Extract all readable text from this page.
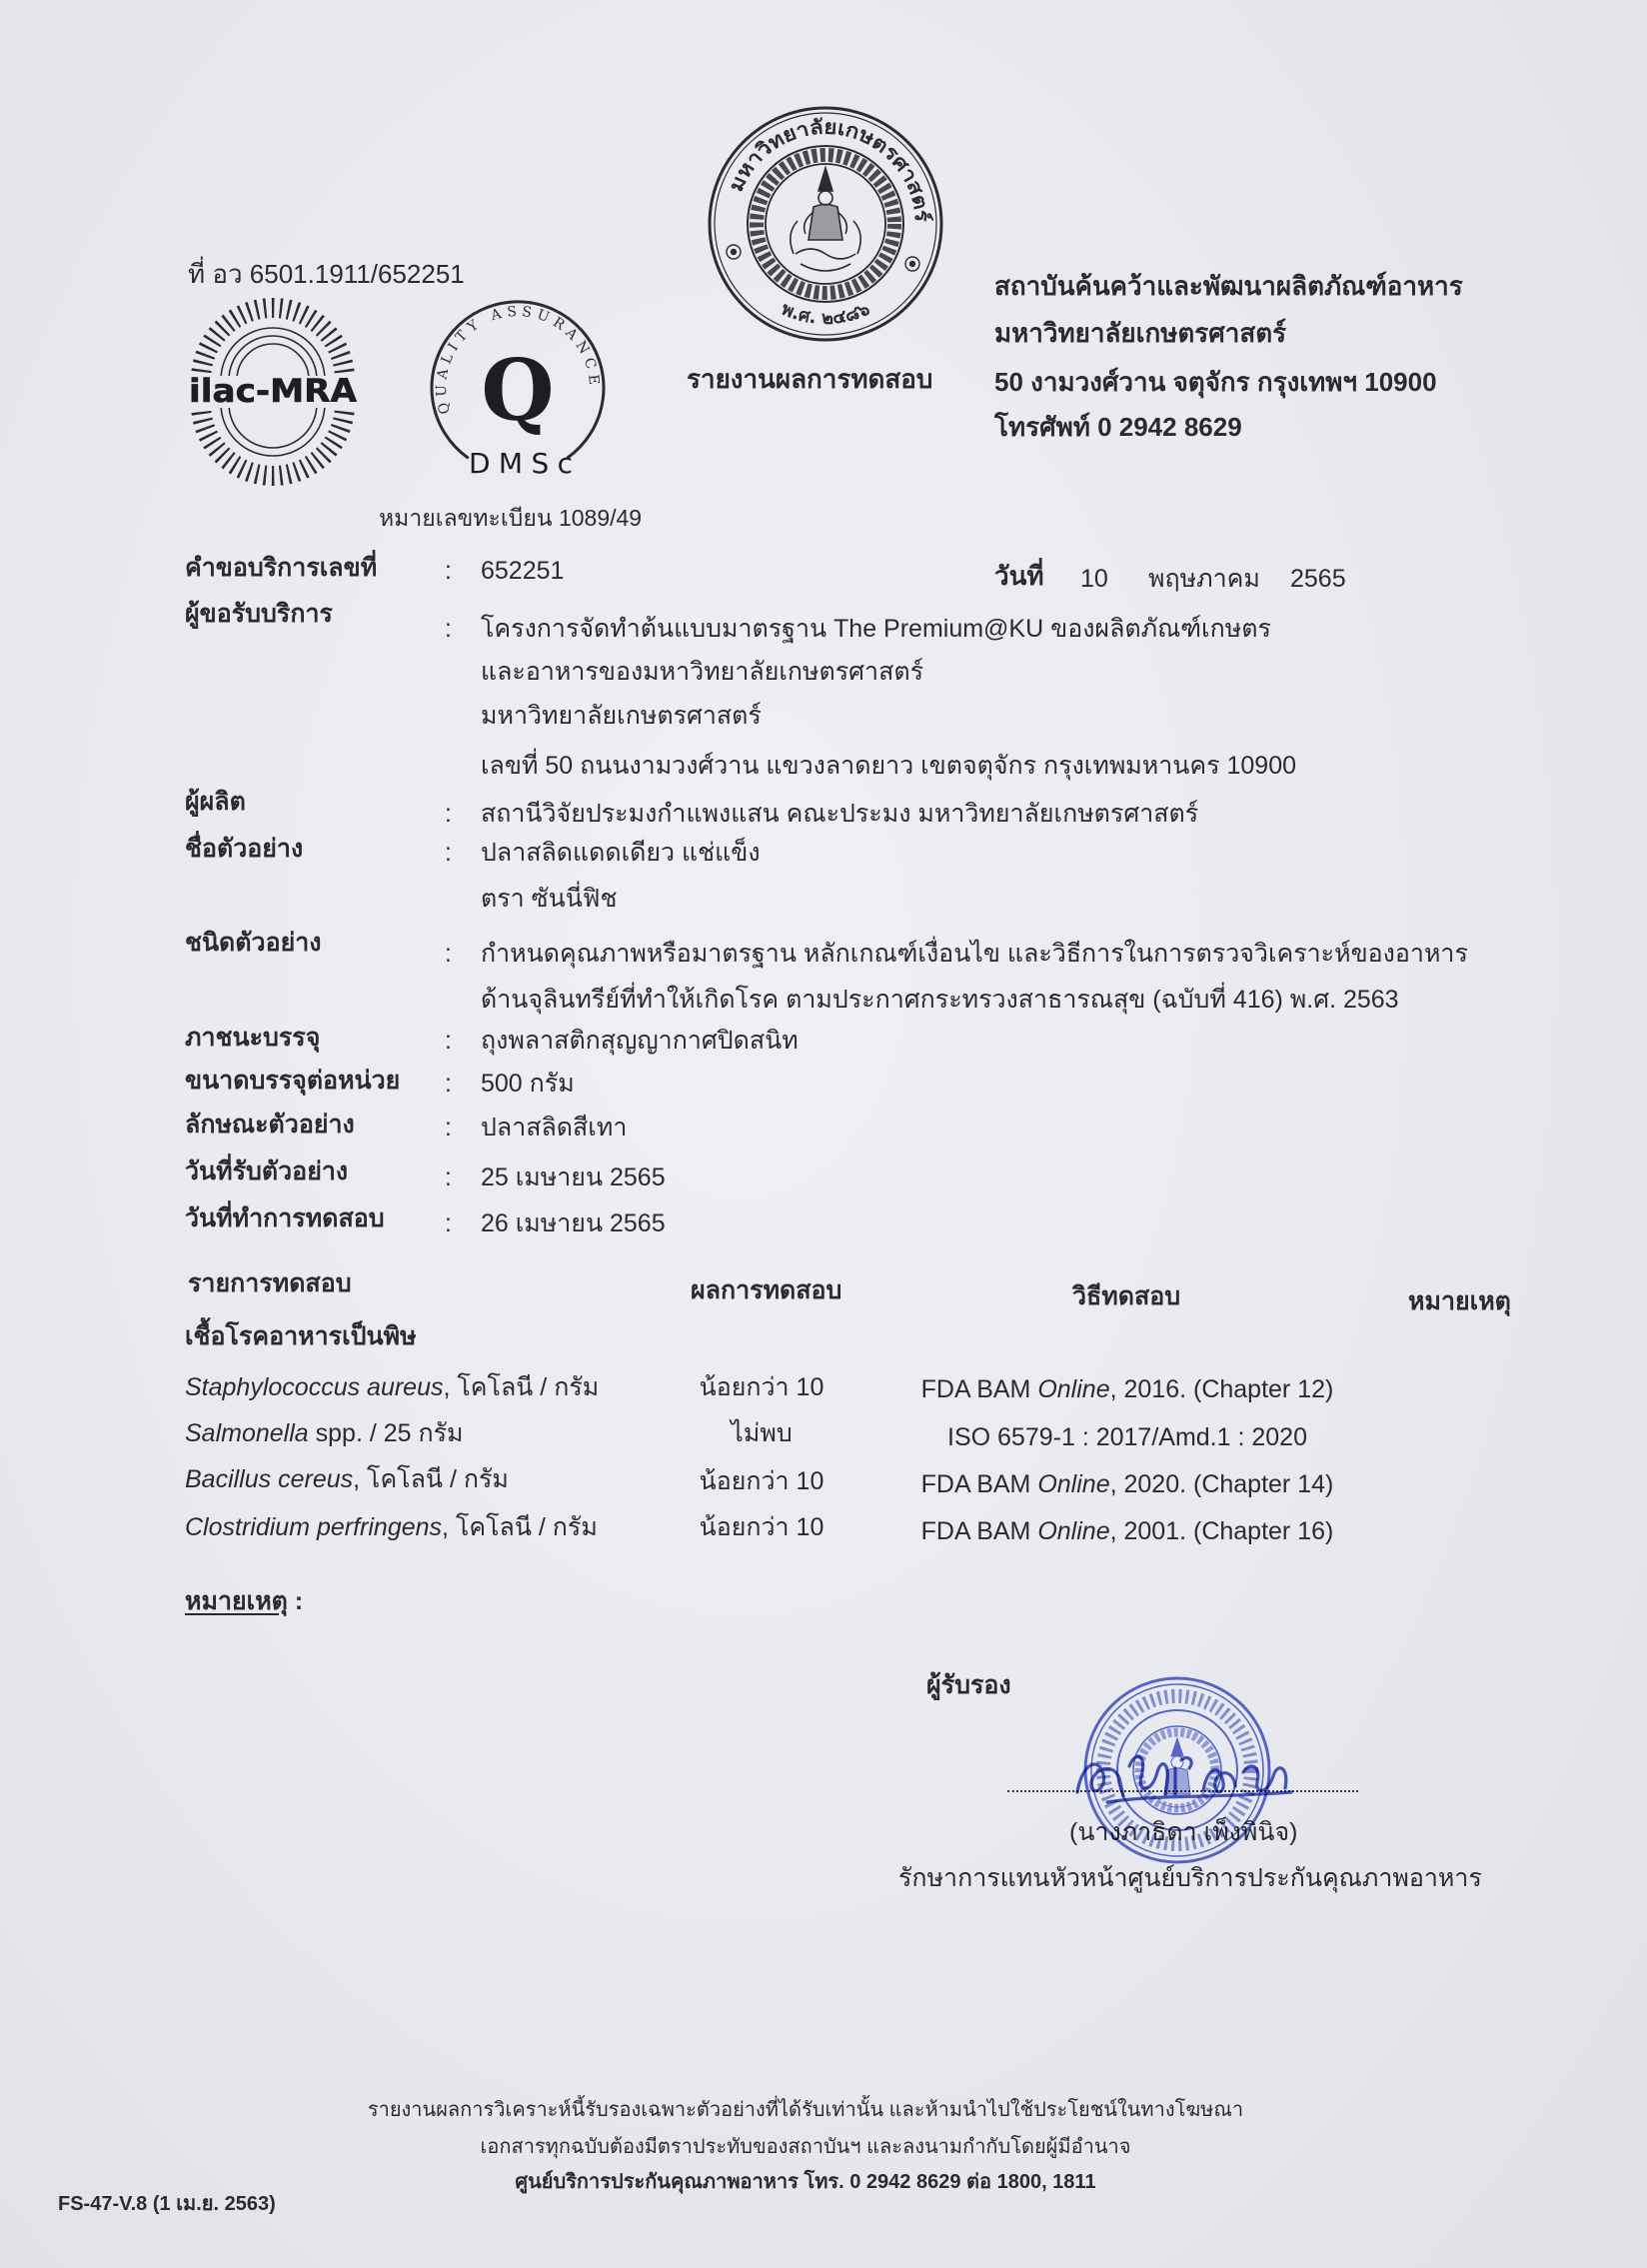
มหาวิทยาลัยเกษตรศาสตร์
พ.ศ. ๒๔๘๖
ที่ อว 6501.1911/652251
ilac-MRA	QUALITY ASSURANCE
Q
DMSc
หมายเลขทะเบียน 1089/49
รายงานผลการทดสอบ
สถาบันค้นคว้าและพัฒนาผลิตภัณฑ์อาหาร
มหาวิทยาลัยเกษตรศาสตร์
50 งามวงศ์วาน จตุจักร กรุงเทพฯ 10900
โทรศัพท์ 0 2942 8629
คำขอบริการเลขที่	: 652251	วันที่ 10 พฤษภาคม 2565
ผู้ขอรับบริการ
: โครงการจัดทำต้นแบบมาตรฐาน The Premium@KU ของผลิตภัณฑ์เกษตร
และอาหารของมหาวิทยาลัยเกษตรศาสตร์
มหาวิทยาลัยเกษตรศาสตร์
เลขที่ 50 ถนนงามวงศ์วาน แขวงลาดยาว เขตจตุจักร กรุงเทพมหานคร 10900
ผู้ผลิต	: สถานีวิจัยประมงกำแพงแสน คณะประมง มหาวิทยาลัยเกษตรศาสตร์
ชื่อตัวอย่าง	: ปลาสลิดแดดเดียว แช่แข็ง
ตรา ซันนี่ฟิช
ชนิดตัวอย่าง	: กำหนดคุณภาพหรือมาตรฐาน หลักเกณฑ์เงื่อนไข และวิธีการในการตรวจวิเคราะห์ของอาหาร
ด้านจุลินทรีย์ที่ทำให้เกิดโรค ตามประกาศกระทรวงสาธารณสุข (ฉบับที่ 416) พ.ศ. 2563
ภาชนะบรรจุ	: ถุงพลาสติกสุญญากาศปิดสนิท
ขนาดบรรจุต่อหน่วย : 500 กรัม
ลักษณะตัวอย่าง	: ปลาสลิดสีเทา
วันที่รับตัวอย่าง	: 25 เมษายน 2565
วันที่ทำการทดสอบ : 26 เมษายน 2565
รายการทดสอบ	ผลการทดสอบ	วิธีทดสอบ	หมายเหตุ
เชื้อโรคอาหารเป็นพิษ
Staphylococcus aureus, โคโลนี / กรัม	น้อยกว่า 10	FDA BAM Online, 2016. (Chapter 12)
Salmonella spp. / 25 กรัม	ไม่พบ	ISO 6579-1 : 2017/Amd.1 : 2020
Bacillus cereus, โคโลนี / กรัม	น้อยกว่า 10	FDA BAM Online, 2020. (Chapter 14)
Clostridium perfringens, โคโลนี / กรัม	น้อยกว่า 10	FDA BAM Online, 2001. (Chapter 16)
หมายเหตุ :
ผู้รับรอง
(นางภาธิดา เพ็งพินิจ)
รักษาการแทนหัวหน้าศูนย์บริการประกันคุณภาพอาหาร
รายงานผลการวิเคราะห์นี้รับรองเฉพาะตัวอย่างที่ได้รับเท่านั้น และห้ามนำไปใช้ประโยชน์ในทางโฆษณา
เอกสารทุกฉบับต้องมีตราประทับของสถาบันฯ และลงนามกำกับโดยผู้มีอำนาจ
ศูนย์บริการประกันคุณภาพอาหาร โทร. 0 2942 8629 ต่อ 1800, 1811
FS-47-V.8 (1 เม.ย. 2563)
